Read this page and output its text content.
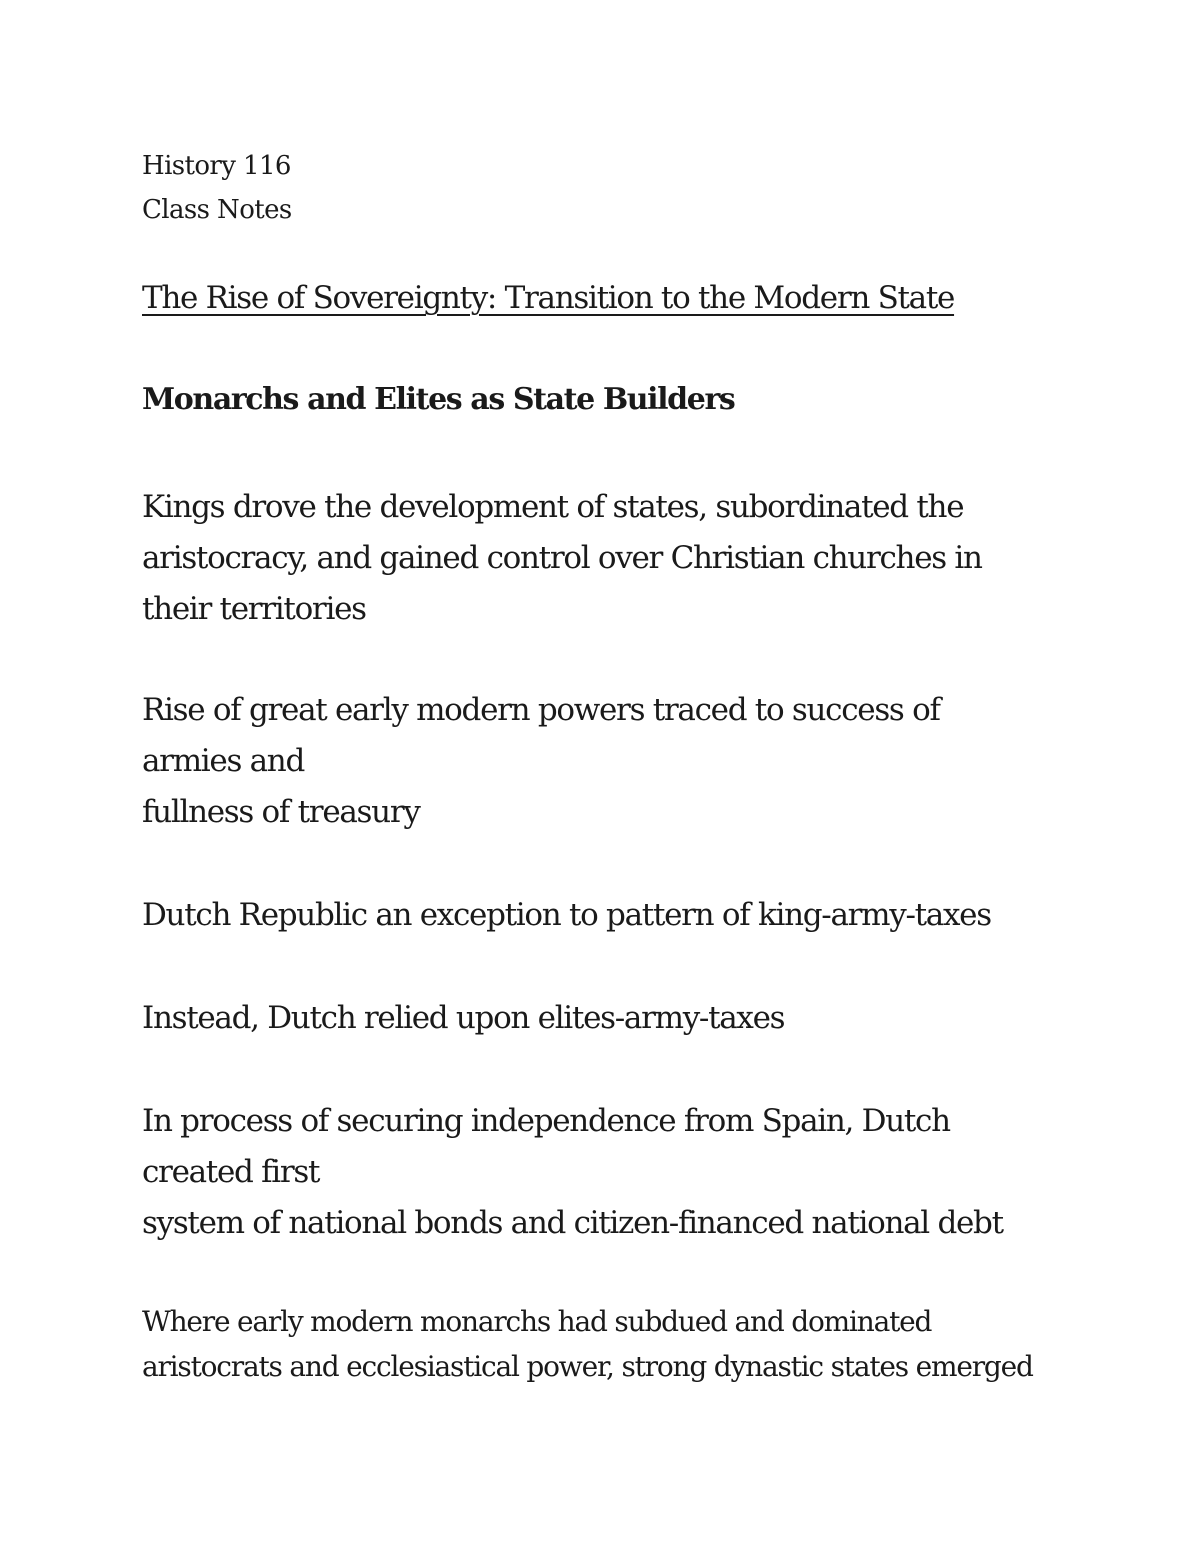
History 116

Class Notes

The Rise of Sovereignty: Transition to the Modern State

Monarchs and Elites as State Builders

Kings drove the development of states, subordinated the
aristocracy, and gained control over Christian churches in
their territories

Rise of great early modern powers traced to success of
armies and
fullness of treasury

Dutch Republic an exception to pattern of king-army-taxes

Instead, Dutch relied upon elites-army-taxes

In process of securing independence from Spain, Dutch
created first
system of national bonds and citizen-financed national debt

Where early modern monarchs had subdued and dominated
aristocrats and ecclesiastical power, strong dynastic states emerged
